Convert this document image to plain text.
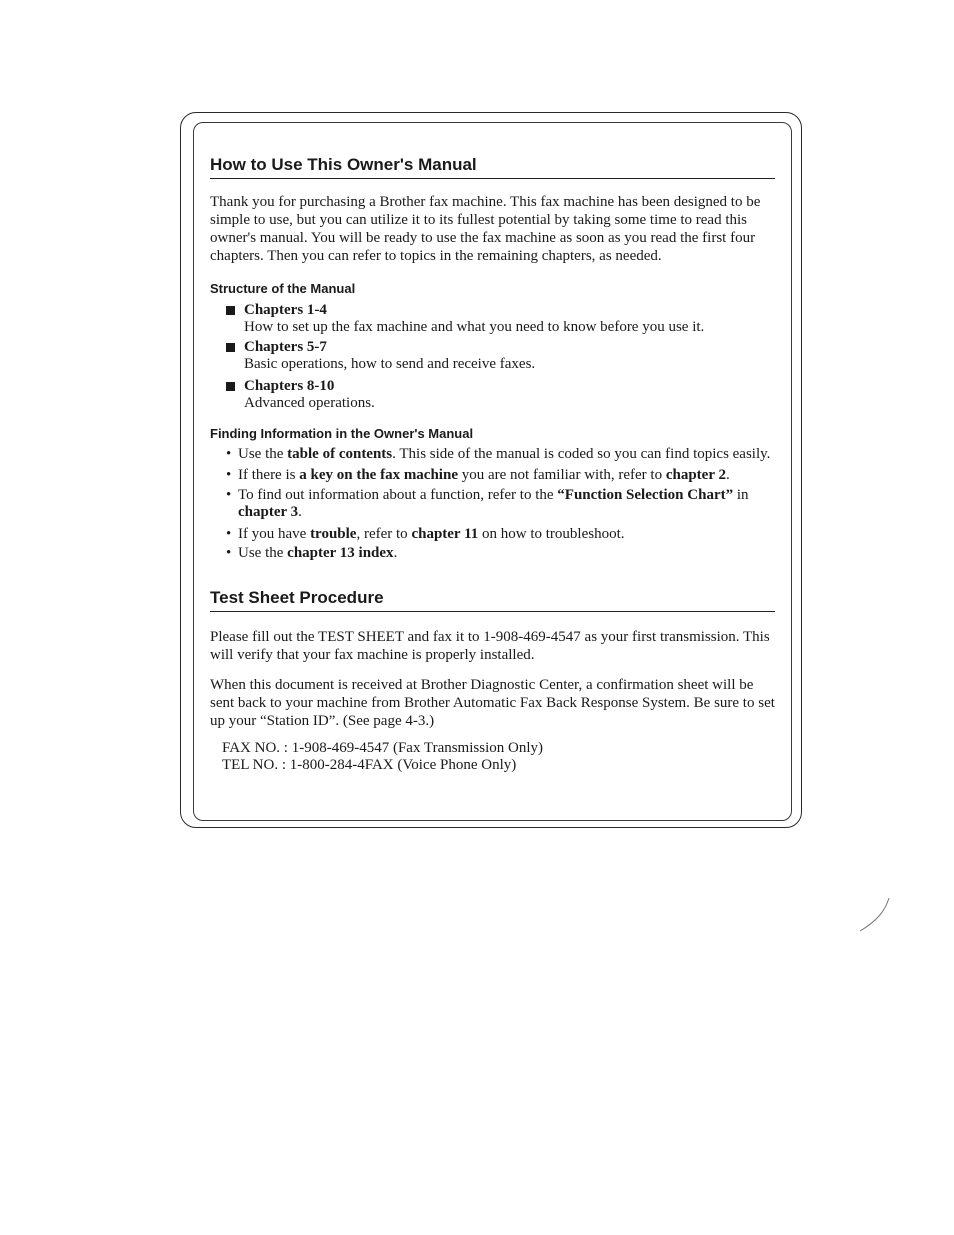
How to Use This Owner's Manual

Thank you for purchasing a Brother fax machine. This fax machine has been designed to be simple to use, but you can utilize it to its fullest potential by taking some time to read this owner's manual. You will be ready to use the fax machine as soon as you read the first four chapters. Then you can refer to topics in the remaining chapters, as needed.

Structure of the Manual
Chapters 1-4
How to set up the fax machine and what you need to know before you use it.
Chapters 5-7
Basic operations, how to send and receive faxes.
Chapters 8-10
Advanced operations.
Finding Information in the Owner's Manual
• Use the table of contents. This side of the manual is coded so you can find topics easily.
• If there is a key on the fax machine you are not familiar with, refer to chapter 2.
• To find out information about a function, refer to the “Function Selection Chart” in chapter 3.
• If you have trouble, refer to chapter 11 on how to troubleshoot.
• Use the chapter 13 index.
Test Sheet Procedure

Please fill out the TEST SHEET and fax it to 1-908-469-4547 as your first transmission. This will verify that your fax machine is properly installed.

When this document is received at Brother Diagnostic Center, a confirmation sheet will be sent back to your machine from Brother Automatic Fax Back Response System. Be sure to set up your “Station ID”. (See page 4-3.)

FAX NO. : 1-908-469-4547 (Fax Transmission Only)
TEL NO. : 1-800-284-4FAX (Voice Phone Only)
